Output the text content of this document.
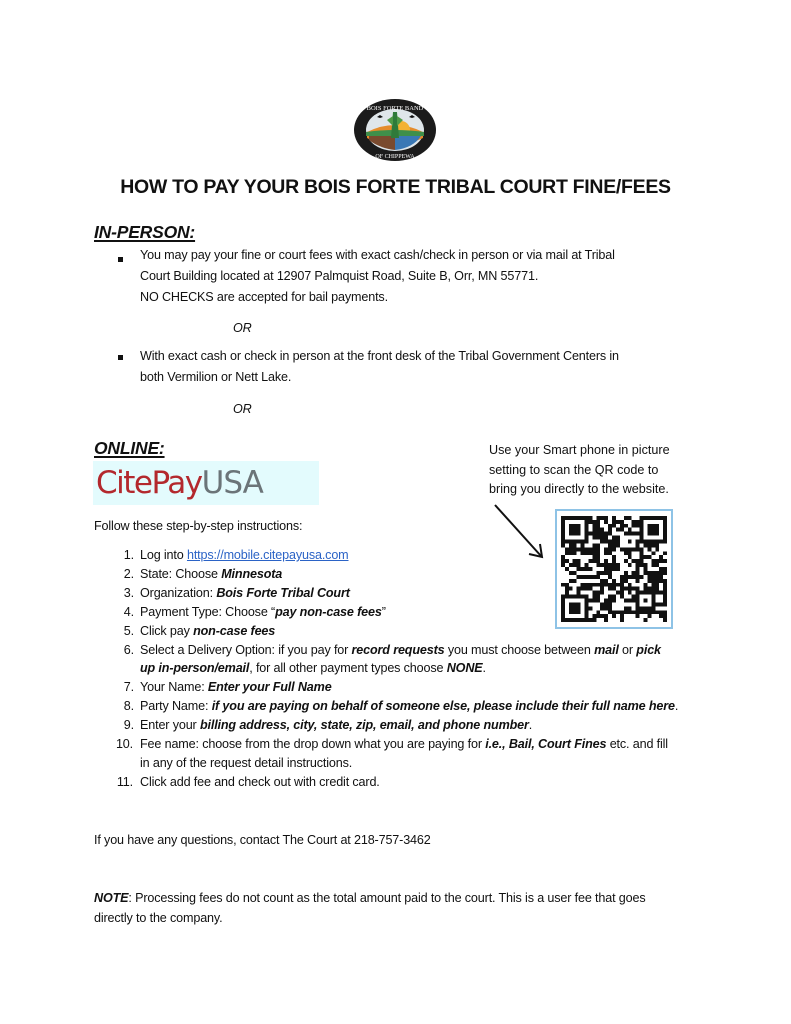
BOIS FORTE BAND
OF CHIPPEWA
HOW TO PAY YOUR BOIS FORTE TRIBAL COURT FINE/FEES
IN-PERSON:
You may pay your fine or court fees with exact cash/check in person or via mail at Tribal
Court Building located at 12907 Palmquist Road, Suite B, Orr, MN 55771.
NO CHECKS are accepted for bail payments.
OR
With exact cash or check in person at the front desk of the Tribal Government Centers in
both Vermilion or Nett Lake.
OR
ONLINE:
CitePayUSA
Use your Smart phone in picture
setting to scan the QR code to
bring you directly to the website.
Follow these step-by-step instructions:
1. Log into https://mobile.citepayusa.com
2. State: Choose Minnesota
3. Organization: Bois Forte Tribal Court
4. Payment Type: Choose “pay non-case fees”
5. Click pay non-case fees
6. Select a Delivery Option: if you pay for record requests you must choose between mail or pick
up in-person/email, for all other payment types choose NONE.
7. Your Name: Enter your Full Name
8. Party Name: if you are paying on behalf of someone else, please include their full name here.
9. Enter your billing address, city, state, zip, email, and phone number.
10. Fee name: choose from the drop down what you are paying for i.e., Bail, Court Fines etc. and fill
in any of the request detail instructions.
11. Click add fee and check out with credit card.
If you have any questions, contact The Court at 218-757-3462
NOTE: Processing fees do not count as the total amount paid to the court. This is a user fee that goes
directly to the company.
